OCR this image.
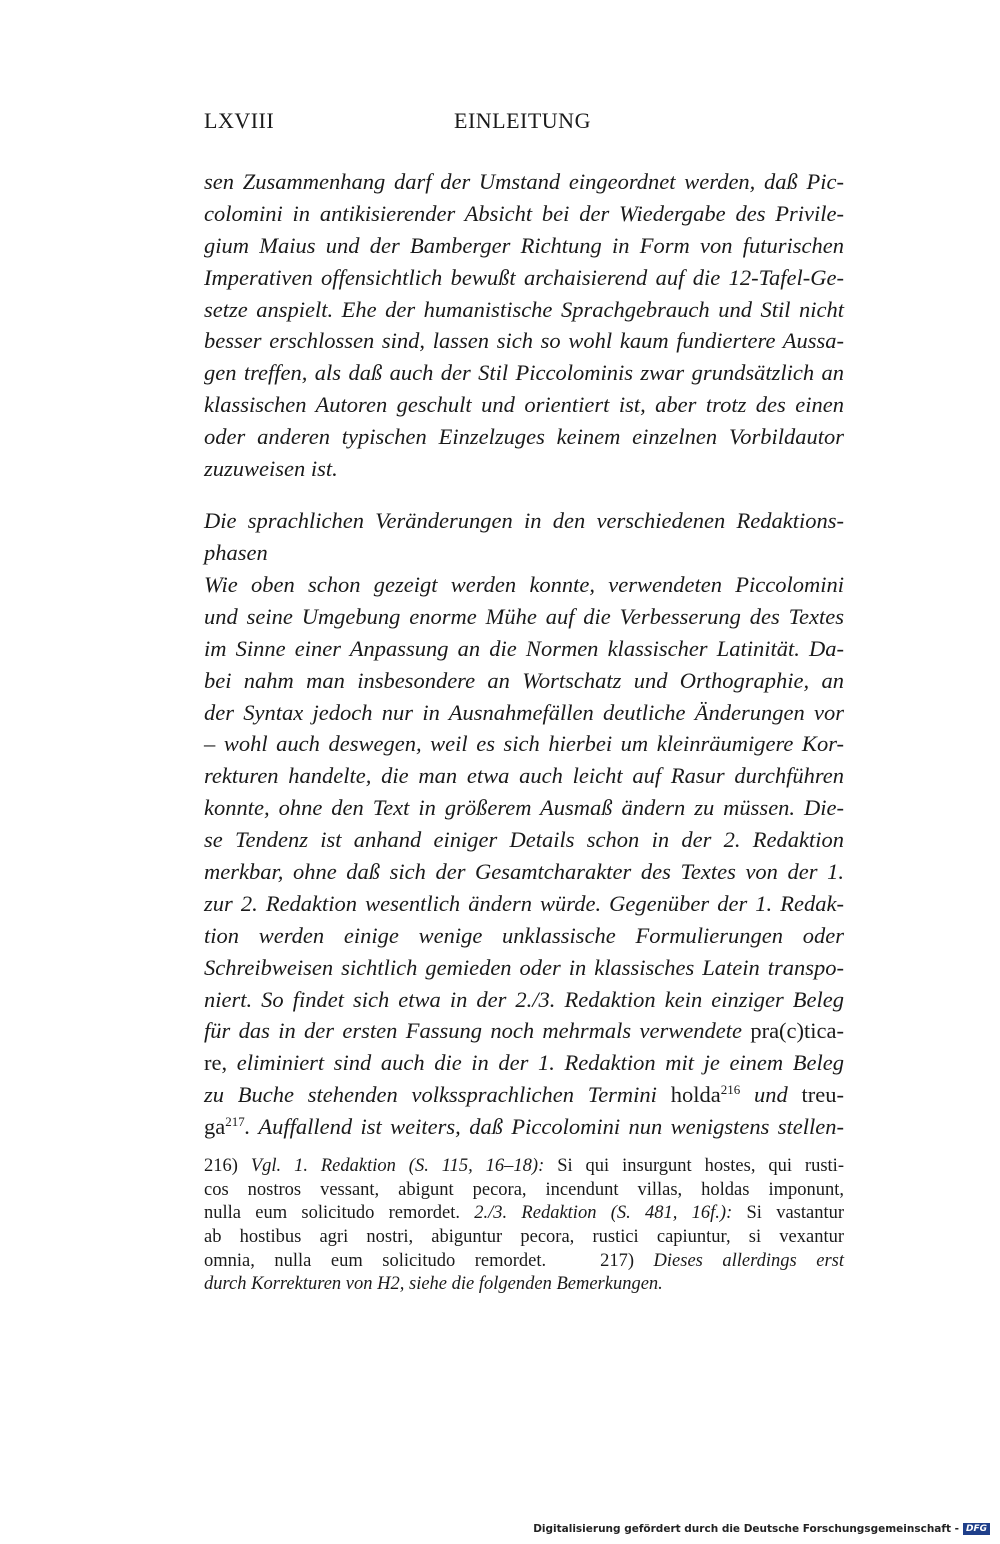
LXVIII	EINLEITUNG
sen Zusammenhang darf der Umstand eingeordnet werden, daß Pic-
colomini in antikisierender Absicht bei der Wiedergabe des Privile-
gium Maius und der Bamberger Richtung in Form von futurischen
Imperativen offensichtlich bewußt archaisierend auf die 12-Tafel-Ge-
setze anspielt. Ehe der humanistische Sprachgebrauch und Stil nicht
besser erschlossen sind, lassen sich so wohl kaum fundiertere Aussa-
gen treffen, als daß auch der Stil Piccolominis zwar grundsätzlich an
klassischen Autoren geschult und orientiert ist, aber trotz des einen
oder anderen typischen Einzelzuges keinem einzelnen Vorbildautor
zuzuweisen ist.
Die sprachlichen Veränderungen in den verschiedenen Redaktions-
phasen
Wie oben schon gezeigt werden konnte, verwendeten Piccolomini
und seine Umgebung enorme Mühe auf die Verbesserung des Textes
im Sinne einer Anpassung an die Normen klassischer Latinität. Da-
bei nahm man insbesondere an Wortschatz und Orthographie, an
der Syntax jedoch nur in Ausnahmefällen deutliche Änderungen vor
– wohl auch deswegen, weil es sich hierbei um kleinräumigere Kor-
rekturen handelte, die man etwa auch leicht auf Rasur durchführen
konnte, ohne den Text in größerem Ausmaß ändern zu müssen. Die-
se Tendenz ist anhand einiger Details schon in der 2. Redaktion
merkbar, ohne daß sich der Gesamtcharakter des Textes von der 1.
zur 2. Redaktion wesentlich ändern würde. Gegenüber der 1. Redak-
tion werden einige wenige unklassische Formulierungen oder
Schreibweisen sichtlich gemieden oder in klassisches Latein transpo-
niert. So findet sich etwa in der 2./3. Redaktion kein einziger Beleg
für das in der ersten Fassung noch mehrmals verwendete pra(c)tica-
re, eliminiert sind auch die in der 1. Redaktion mit je einem Beleg
zu Buche stehenden volkssprachlichen Termini holda$^{216}$ und treu-
$ga^{217}$. Auffallend ist weiters, daß Piccolomini nun wenigstens stellen-
216) Vgl. 1. Redaktion (S. 115, 16–18): Si qui insurgunt hostes, qui rusti-
cos nostros vessant, abigunt pecora, incendunt villas, holdas imponunt,
nulla eum solicitudo remordet. 2./3. Redaktion (S. 481, 16f.): Si vastantur
ab hostibus agri nostri, abiguntur pecora, rustici capiuntur, si vexantur
omnia, nulla eum solicitudo remordet.	217) Dieses allerdings erst
durch Korrekturen von H2, siehe die folgenden Bemerkungen.
Digitalisierung gefördert durch die Deutsche Forschungsgemeinschaft - DFG
